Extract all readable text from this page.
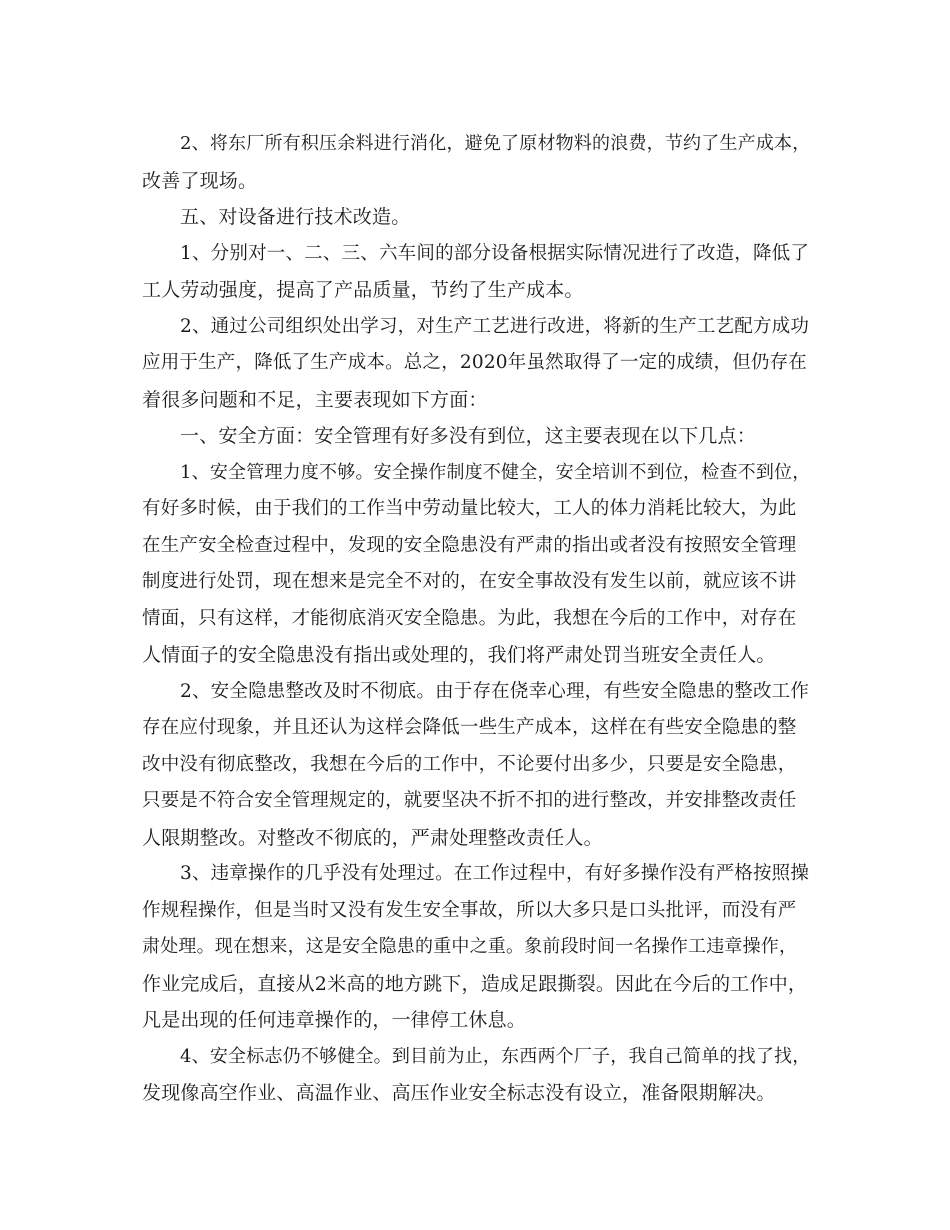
2、将东厂所有积压余料进行消化，避免了原材物料的浪费，节约了生产成本，
改善了现场。
五、对设备进行技术改造。
1、分别对一、二、三、六车间的部分设备根据实际情况进行了改造，降低了
工人劳动强度，提高了产品质量，节约了生产成本。
2、通过公司组织处出学习，对生产工艺进行改进，将新的生产工艺配方成功
应用于生产，降低了生产成本。总之，2020年虽然取得了一定的成绩，但仍存在
着很多问题和不足，主要表现如下方面：
一、安全方面：安全管理有好多没有到位，这主要表现在以下几点：
1、安全管理力度不够。安全操作制度不健全，安全培训不到位，检查不到位，
有好多时候，由于我们的工作当中劳动量比较大，工人的体力消耗比较大，为此
在生产安全检查过程中，发现的安全隐患没有严肃的指出或者没有按照安全管理
制度进行处罚，现在想来是完全不对的，在安全事故没有发生以前，就应该不讲
情面，只有这样，才能彻底消灭安全隐患。为此，我想在今后的工作中，对存在
人情面子的安全隐患没有指出或处理的，我们将严肃处罚当班安全责任人。
2、安全隐患整改及时不彻底。由于存在侥幸心理，有些安全隐患的整改工作
存在应付现象，并且还认为这样会降低一些生产成本，这样在有些安全隐患的整
改中没有彻底整改，我想在今后的工作中，不论要付出多少，只要是安全隐患，
只要是不符合安全管理规定的，就要坚决不折不扣的进行整改，并安排整改责任
人限期整改。对整改不彻底的，严肃处理整改责任人。
3、违章操作的几乎没有处理过。在工作过程中，有好多操作没有严格按照操
作规程操作，但是当时又没有发生安全事故，所以大多只是口头批评，而没有严
肃处理。现在想来，这是安全隐患的重中之重。象前段时间一名操作工违章操作，
作业完成后，直接从2米高的地方跳下，造成足跟撕裂。因此在今后的工作中，
凡是出现的任何违章操作的，一律停工休息。
4、安全标志仍不够健全。到目前为止，东西两个厂子，我自己简单的找了找，
发现像高空作业、高温作业、高压作业安全标志没有设立，准备限期解决。
